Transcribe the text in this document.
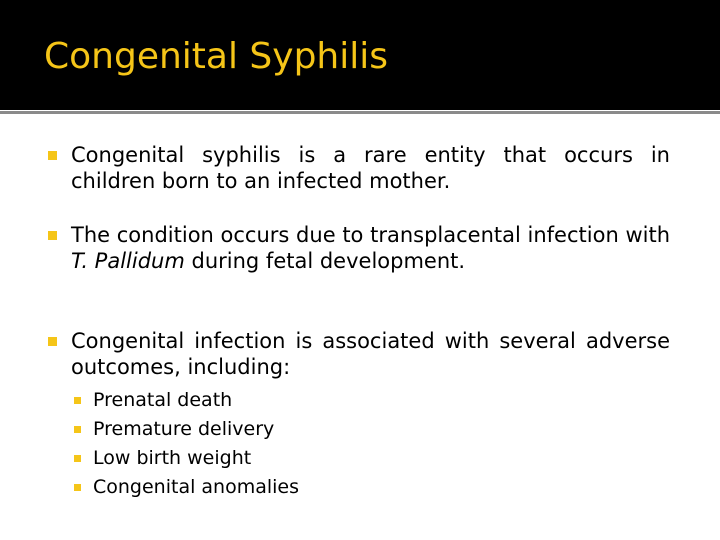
Congenital Syphilis
Congenital syphilis is a rare entity that occurs in children born to an infected mother.
The condition occurs due to transplacental infection with T. Pallidum during fetal development.
Congenital infection is associated with several adverse outcomes, including:
Prenatal death
Premature delivery
Low birth weight
Congenital anomalies
